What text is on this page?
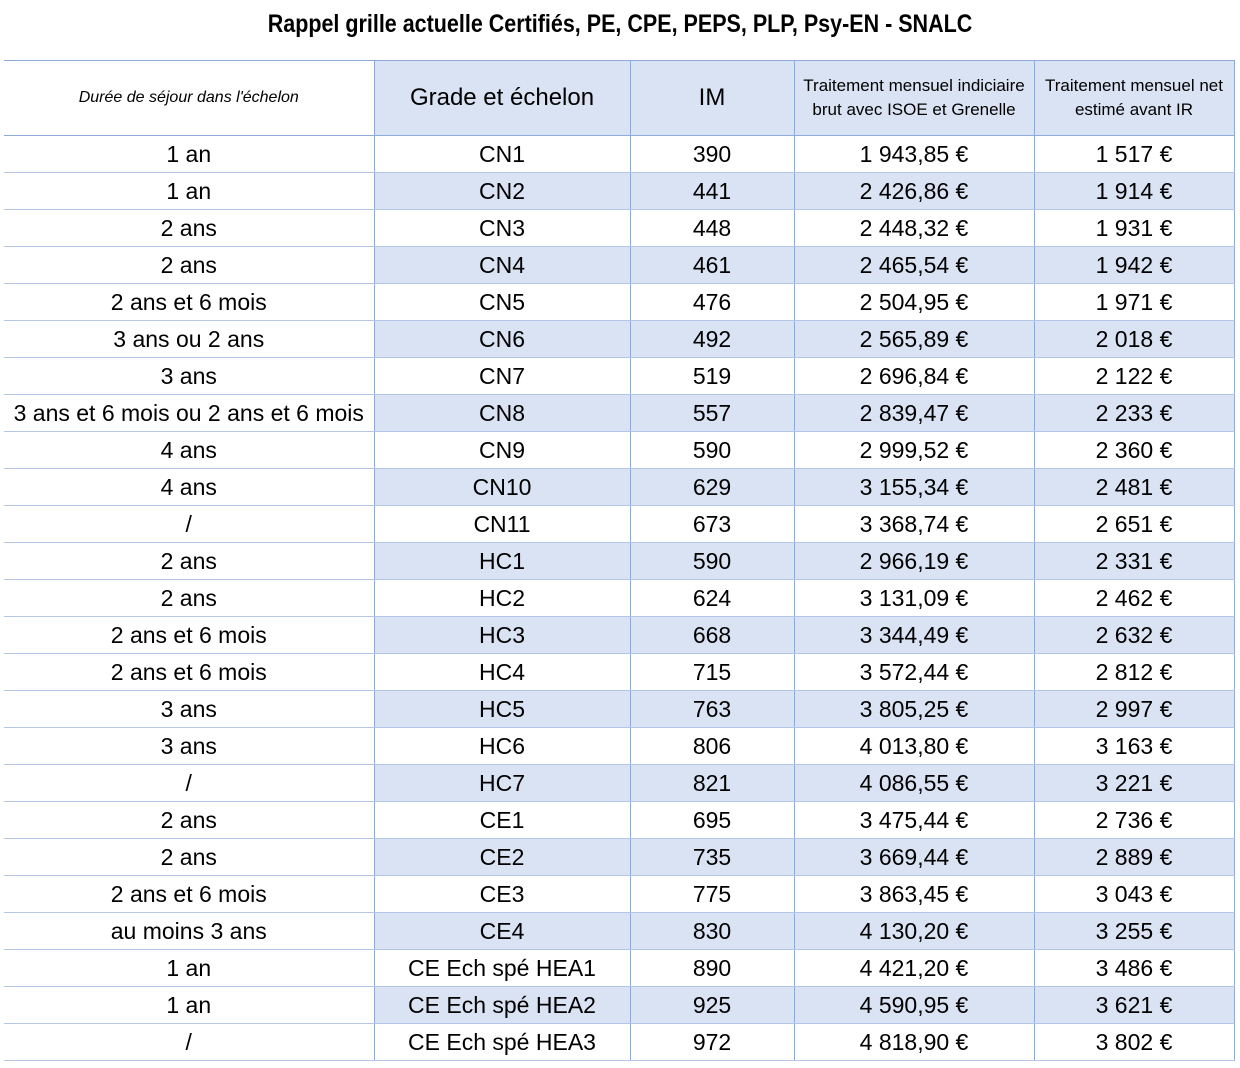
Rappel grille actuelle Certifiés, PE, CPE, PEPS, PLP, Psy-EN - SNALC
Durée de séjour dans l'échelon	Grade et échelon	IM	Traitement mensuel indiciaire brut avec ISOE et Grenelle	Traitement mensuel net estimé avant IR
1 an	CN1	390	1 943,85 €	1 517 €
1 an	CN2	441	2 426,86 €	1 914 €
2 ans	CN3	448	2 448,32 €	1 931 €
2 ans	CN4	461	2 465,54 €	1 942 €
2 ans et 6 mois	CN5	476	2 504,95 €	1 971 €
3 ans ou 2 ans	CN6	492	2 565,89 €	2 018 €
3 ans	CN7	519	2 696,84 €	2 122 €
3 ans et 6 mois ou 2 ans et 6 mois	CN8	557	2 839,47 €	2 233 €
4 ans	CN9	590	2 999,52 €	2 360 €
4 ans	CN10	629	3 155,34 €	2 481 €
/	CN11	673	3 368,74 €	2 651 €
2 ans	HC1	590	2 966,19 €	2 331 €
2 ans	HC2	624	3 131,09 €	2 462 €
2 ans et 6 mois	HC3	668	3 344,49 €	2 632 €
2 ans et 6 mois	HC4	715	3 572,44 €	2 812 €
3 ans	HC5	763	3 805,25 €	2 997 €
3 ans	HC6	806	4 013,80 €	3 163 €
/	HC7	821	4 086,55 €	3 221 €
2 ans	CE1	695	3 475,44 €	2 736 €
2 ans	CE2	735	3 669,44 €	2 889 €
2 ans et 6 mois	CE3	775	3 863,45 €	3 043 €
au moins 3 ans	CE4	830	4 130,20 €	3 255 €
1 an	CE Ech spé HEA1	890	4 421,20 €	3 486 €
1 an	CE Ech spé HEA2	925	4 590,95 €	3 621 €
/	CE Ech spé HEA3	972	4 818,90 €	3 802 €
